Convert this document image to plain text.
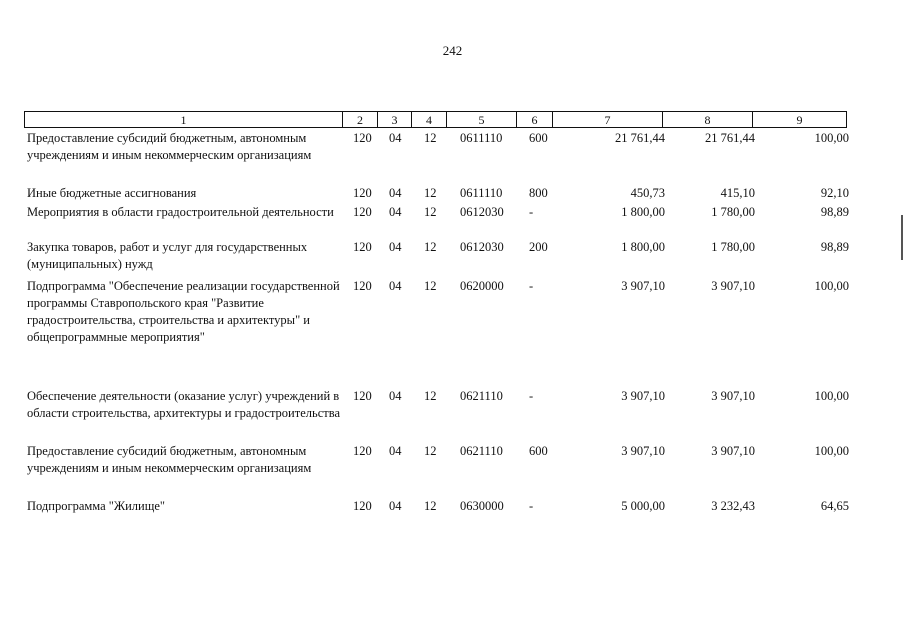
242
1	2	3	4	5	6	7	8	9
Предоставление субсидий бюджетным, автономным учреждениям и иным некоммерческим организациям
120 04	12	0611110	600	21 761,44	21 761,44	100,00
Иные бюджетные ассигнования	120 04	12	0611110	800	450,73	415,10	92,10
Мероприятия в области градостроительной деятельности	120 04	12	0612030	-	1 800,00	1 780,00	98,89
Закупка товаров, работ и услуг для государственных (муниципальных) нужд
120 04	12	0612030	200	1 800,00	1 780,00	98,89
Подпрограмма "Обеспечение реализации государственной программы Ставропольского края "Развитие градостроительства, строительства и архитектуры" и общепрограммные мероприятия"
120 04	12	0620000	-	3 907,10	3 907,10	100,00
Обеспечение деятельности (оказание услуг) учреждений в области строительства, архитектуры и градостроительства
120 04	12	0621110	-	3 907,10	3 907,10	100,00
Предоставление субсидий бюджетным, автономным учреждениям и иным некоммерческим организациям
120 04	12	0621110	600	3 907,10	3 907,10	100,00
Подпрограмма "Жилище"	120 04	12	0630000	-	5 000,00	3 232,43	64,65
